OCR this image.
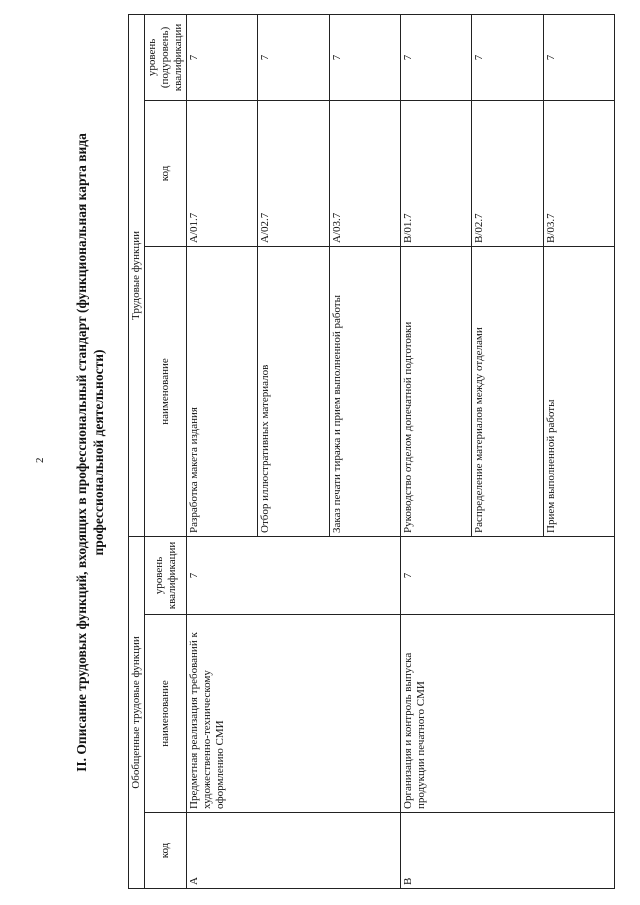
2 II. Описание трудовых функций, входящих в профессиональный стандарт (функциональная карта вида профессиональной деятельности)
Обобщенные трудовые функции			Трудовые функции		
код	наименование	уровень квалификации	наименование	код	уровень (подуровень) квалификации
A	Предметная реализация требований к художественно-техническому оформлению СМИ	7	Разработка макета издания	A/01.7	7
			Отбор иллюстративных материалов	A/02.7	7
			Заказ печати тиража и прием выполненной работы	A/03.7	7
B	Организация и контроль выпуска продукции печатного СМИ	7	Руководство отделом допечатной подготовки	B/01.7	7
			Распределение материалов между отделами	B/02.7	7
			Прием выполненной работы	B/03.7	7
